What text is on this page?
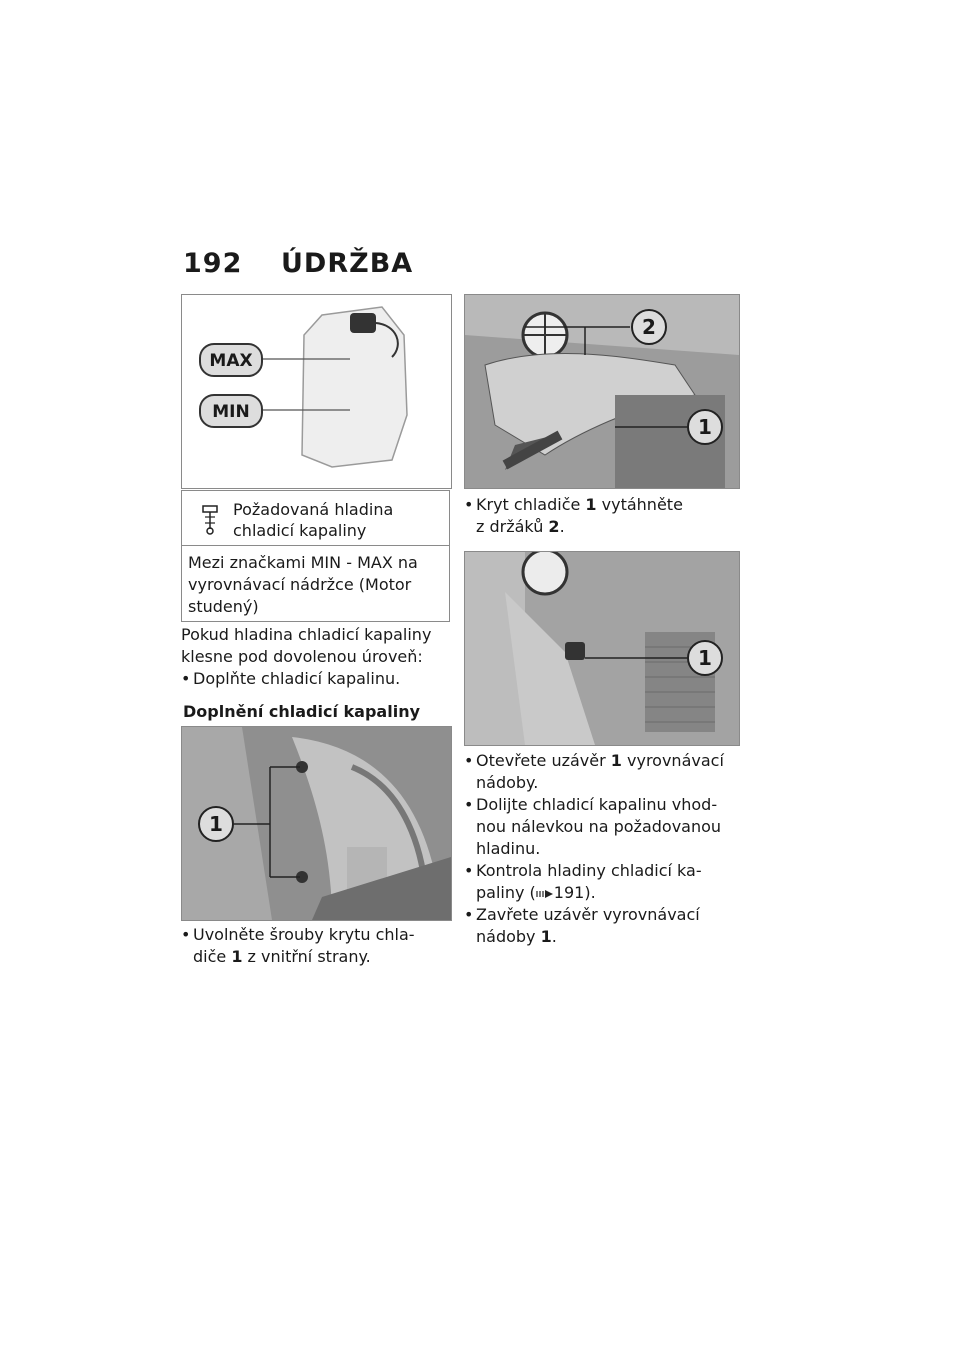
192 ÚDRŽBA
MAX
MIN
Požadovaná hladina
chladicí kapaliny
Mezi značkami MIN - MAX na
vyrovnávací nádržce (Motor
studený)
Pokud hladina chladicí kapaliny
klesne pod dovolenou úroveň:
• Doplňte chladicí kapalinu.
Doplnění chladicí kapaliny
1
• Uvolněte šrouby krytu chla-
diče 1 z vnitřní strany.
2
1
• Kryt chladiče 1 vytáhněte
z držáků 2.
1
• Otevřete uzávěr 1 vyrovnávací
nádoby.
• Dolijte chladicí kapalinu vhod-
nou nálevkou na požadovanou
hladinu.
• Kontrola hladiny chladicí ka-
paliny ( 191).
• Zavřete uzávěr vyrovnávací
nádoby 1.
